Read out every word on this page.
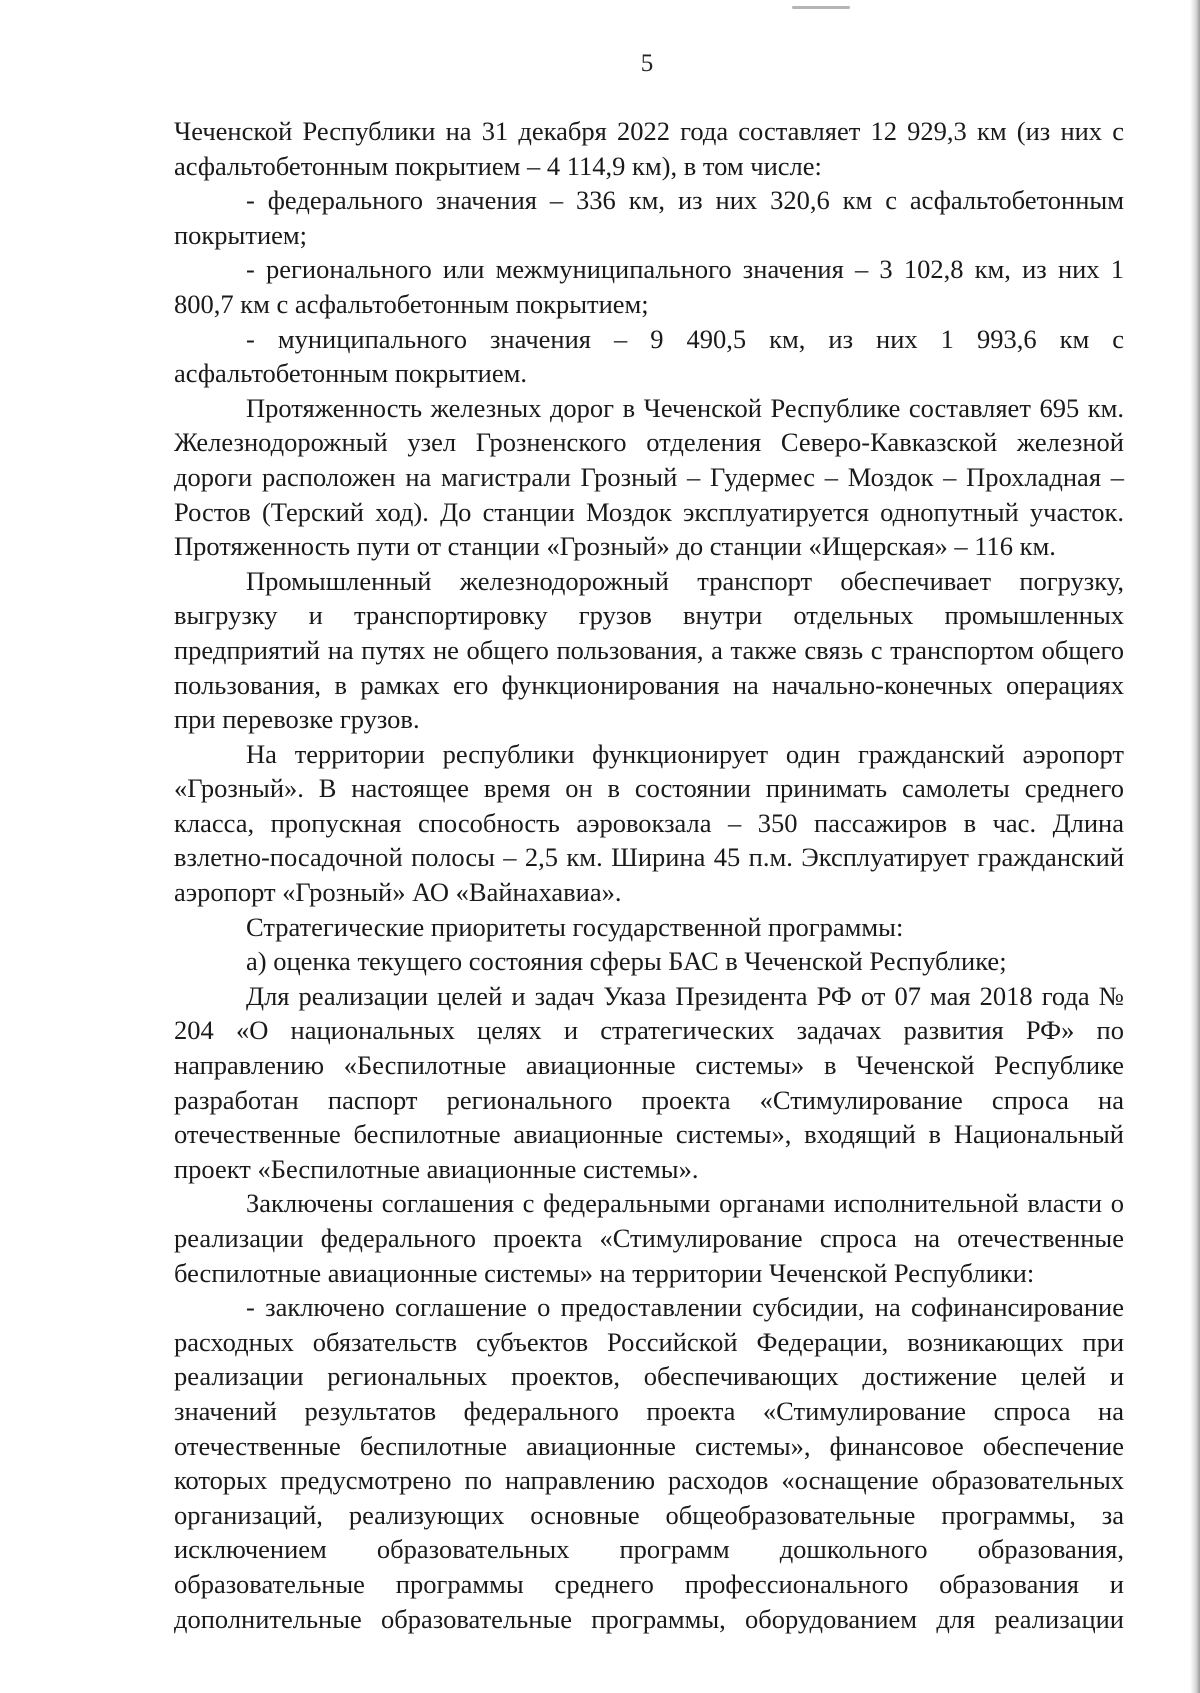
5

Чеченской Республики на 31 декабря 2022 года составляет 12 929,3 км (из них с асфальтобетонным покрытием – 4 114,9 км), в том числе:

- федерального значения – 336 км, из них 320,6 км с асфальтобетонным покрытием;

- регионального или межмуниципального значения – 3 102,8 км, из них 1 800,7 км с асфальтобетонным покрытием;

- муниципального значения – 9 490,5 км, из них 1 993,6 км с асфальтобетонным покрытием.

Протяженность железных дорог в Чеченской Республике составляет 695 км. Железнодорожный узел Грозненского отделения Северо-Кавказской железной дороги расположен на магистрали Грозный – Гудермес – Моздок – Прохладная – Ростов (Терский ход). До станции Моздок эксплуатируется однопутный участок. Протяженность пути от станции «Грозный» до станции «Ищерская» – 116 км.

Промышленный железнодорожный транспорт обеспечивает погрузку, выгрузку и транспортировку грузов внутри отдельных промышленных предприятий на путях не общего пользования, а также связь с транспортом общего пользования, в рамках его функционирования на начально-конечных операциях при перевозке грузов.

На территории республики функционирует один гражданский аэропорт «Грозный». В настоящее время он в состоянии принимать самолеты среднего класса, пропускная способность аэровокзала – 350 пассажиров в час. Длина взлетно-посадочной полосы – 2,5 км. Ширина 45 п.м. Эксплуатирует гражданский аэропорт «Грозный» АО «Вайнахавиа».

Стратегические приоритеты государственной программы:

а) оценка текущего состояния сферы БАС в Чеченской Республике;

Для реализации целей и задач Указа Президента РФ от 07 мая 2018 года № 204 «О национальных целях и стратегических задачах развития РФ» по направлению «Беспилотные авиационные системы» в Чеченской Республике разработан паспорт регионального проекта «Стимулирование спроса на отечественные беспилотные авиационные системы», входящий в Национальный проект «Беспилотные авиационные системы».

Заключены соглашения с федеральными органами исполнительной власти о реализации федерального проекта «Стимулирование спроса на отечественные беспилотные авиационные системы» на территории Чеченской Республики:

- заключено соглашение о предоставлении субсидии, на софинансирование расходных обязательств субъектов Российской Федерации, возникающих при реализации региональных проектов, обеспечивающих достижение целей и значений результатов федерального проекта «Стимулирование спроса на отечественные беспилотные авиационные системы», финансовое обеспечение которых предусмотрено по направлению расходов «оснащение образовательных организаций, реализующих основные общеобразовательные программы, за исключением образовательных программ дошкольного образования, образовательные программы среднего профессионального образования и дополнительные образовательные программы, оборудованием для реализации
